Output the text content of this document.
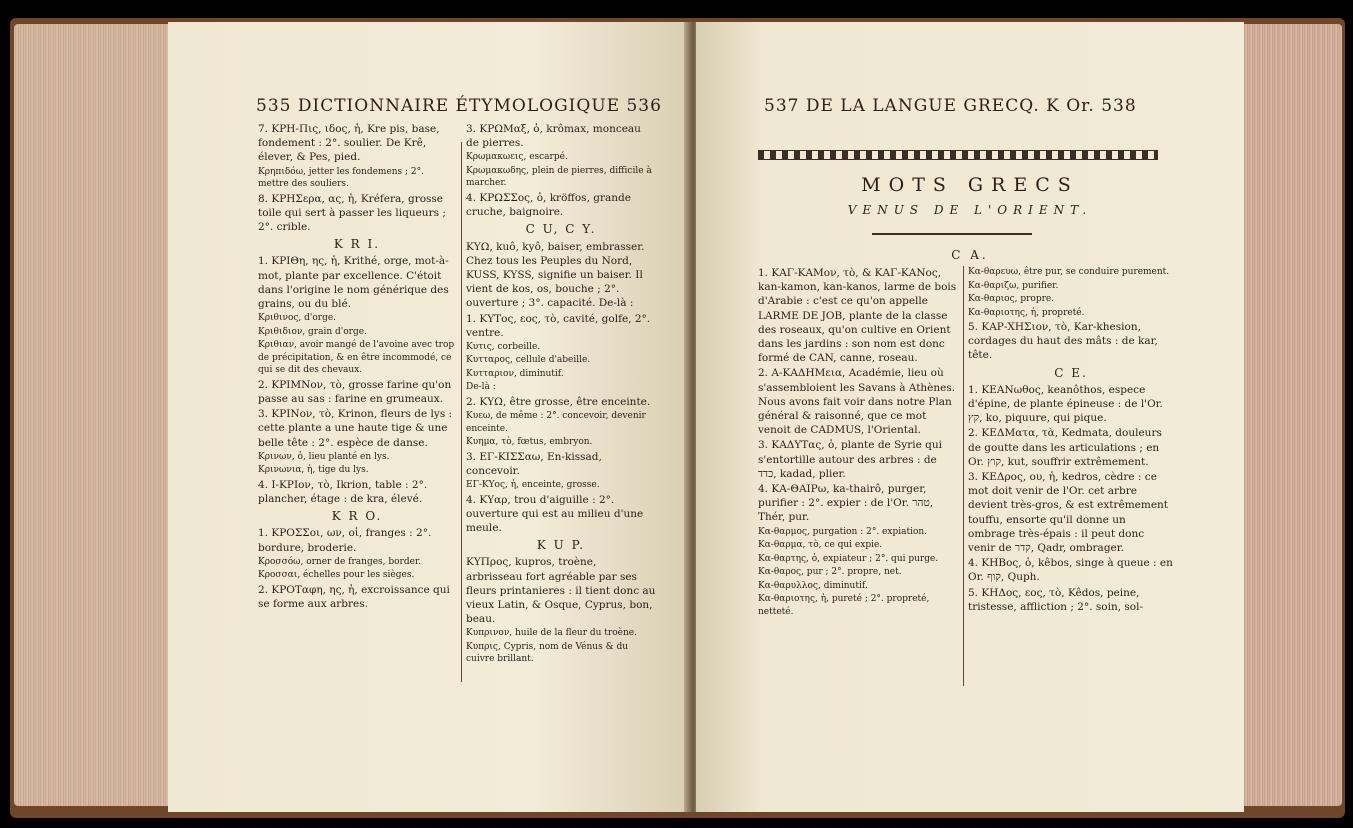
535 DICTIONNAIRE ÉTYMOLOGIQUE 536

7. ΚΡΗ-Πις, ιδος, ἡ, Kre pis, base, fondement : 2°. soulier. De Krê, élever, & Pes, pied.

Κρηπιδόω, jetter les fondemens ; 2°. mettre des souliers.

8. ΚΡΗΣερα, ας, ἡ, Kréfera, grosse toile qui sert à passer les liqueurs ; 2°. crible.

K R I.

1. ΚΡΙΘη, ης, ἡ, Krithé, orge, mot-à-mot, plante par excellence. C'étoit dans l'origine le nom générique des grains, ou du blé.

Κριθινος, d'orge.

Κριθιδιον, grain d'orge.

Κριθιαν, avoir mangé de l'avoine avec trop de précipitation, & en être incommodé, ce qui se dit des chevaux.

2. ΚΡΙΜΝον, τὸ, grosse farine qu'on passe au sas : farine en grumeaux.

3. ΚΡΙΝον, τὸ, Krinon, fleurs de lys : cette plante a une haute tige & une belle tête : 2°. espèce de danse.

Κρινων, ὁ, lieu planté en lys.

Κρινωνια, ἡ, tige du lys.

4. Ι-ΚΡΙον, τὸ, Ikrion, table : 2°. plancher, étage : de kra, élevé.

K R O.

1. ΚΡΟΣΣοι, ων, οἱ, franges : 2°. bordure, broderie.

Κροσσόω, orner de franges, border.

Κροσσαι, échelles pour les sièges.

2. ΚΡΟΤαφη, ης, ἡ, excroissance qui se forme aux arbres.

3. ΚΡΩΜαξ, ὁ, krômax, monceau de pierres.

Κρωμακωεις, escarpé.

Κρωμακωδης, plein de pierres, difficile à marcher.

4. ΚΡΩΣΣος, ὁ, kröffos, grande cruche, baignoire.

C U, C Y.

ΚΥΩ, kuô, kyô, baiser, embrasser. Chez tous les Peuples du Nord, KUSS, KYSS, signifie un baiser. Il vient de kos, os, bouche ; 2°. ouverture ; 3°. capacité. De-là :

1. ΚΥΤος, εος, τὸ, cavité, golfe, 2°. ventre.

Κυτις, corbeille.

Κυτταρος, cellule d'abeille.

Κυτταριον, diminutif.

De-là :

2. ΚΥΩ, être grosse, être enceinte.

Κυεω, de même : 2°. concevoir, devenir enceinte.

Κυημα, τὸ, fœtus, embryon.

3. ΕΓ-ΚΙΣΣαω, En-kissad, concevoir.

ΕΓ-ΚΥος, ἡ, enceinte, grosse.

4. ΚΥαρ, trou d'aiguille : 2°. ouverture qui est au milieu d'une meule.

K U P.

ΚΥΠρος, kupros, troène, arbrisseau fort agréable par ses fleurs printanieres : il tient donc au vieux Latin, & Osque, Cyprus, bon, beau.

Κυπρινον, huile de la fleur du troène.

Κυπρις, Cypris, nom de Vénus & du cuivre brillant.

537 DE LA LANGUE GRECQ. K Or. 538
MOTS GRECS
VENUS DE L'ORIENT.
C A.

1. ΚΑΓ-ΚΑΜον, τὸ, & ΚΑΓ-ΚΑΝος, kan-kamon, kan-kanos, larme de bois d'Arabie : c'est ce qu'on appelle LARME DE JOB, plante de la classe des roseaux, qu'on cultive en Orient dans les jardins : son nom est donc formé de CAN, canne, roseau.

2. Α-ΚΑΔΗΜεια, Académie, lieu où s'assembloient les Savans à Athènes. Nous avons fait voir dans notre Plan général & raisonné, que ce mot venoit de CADMUS, l'Oriental.

3. ΚΑΔΥΤας, ὁ, plante de Syrie qui s'entortille autour des arbres : de כדד, kadad, plier.

4. ΚΑ-ΘΑΙΡω, ka-thairô, purger, purifier : 2°. expier : de l'Or. טהר, Thér, pur.

Κα-θαρμος, purgation : 2°. expiation.

Κα-θαρμα, τὸ, ce qui expie.

Κα-θαρτης, ὁ, expiateur ; 2°. qui purge.

Κα-θαρος, pur ; 2°. propre, net.

Κα-θαρυλλος, diminutif.

Κα-θαριοτης, ἡ, pureté ; 2°. propreté, netteté.

Κα-θαρευω, être pur, se conduire purement.

Κα-θαριζω, purifier.

Κα-θαριος, propre.

Κα-θαριοτης, ἡ, propreté.

5. ΚΑΡ-ΧΗΣιον, τὸ, Kar-khesion, cordages du haut des mâts : de kar, tête.

C E.

1. ΚΕΑΝωθος, keanôthos, espece d'épine, de plante épineuse : de l'Or. קץ, ko, piquure, qui pique.

2. ΚΕΔΜατα, τὰ, Kedmata, douleurs de goutte dans les articulations ; en Or. קוץ, kut, souffrir extrêmement.

3. ΚΕΔρος, ου, ἡ, kedros, cèdre : ce mot doit venir de l'Or. cet arbre devient très-gros, & est extrêmement touffu, ensorte qu'il donne un ombrage très-épais : il peut donc venir de קדר, Qadr, ombrager.

4. ΚΗΒος, ὁ, kêbos, singe à queue : en Or. קוף, Quph.

5. ΚΗΔος, εος, τὸ, Kêdos, peine, tristesse, affliction ; 2°. soin, sol-
